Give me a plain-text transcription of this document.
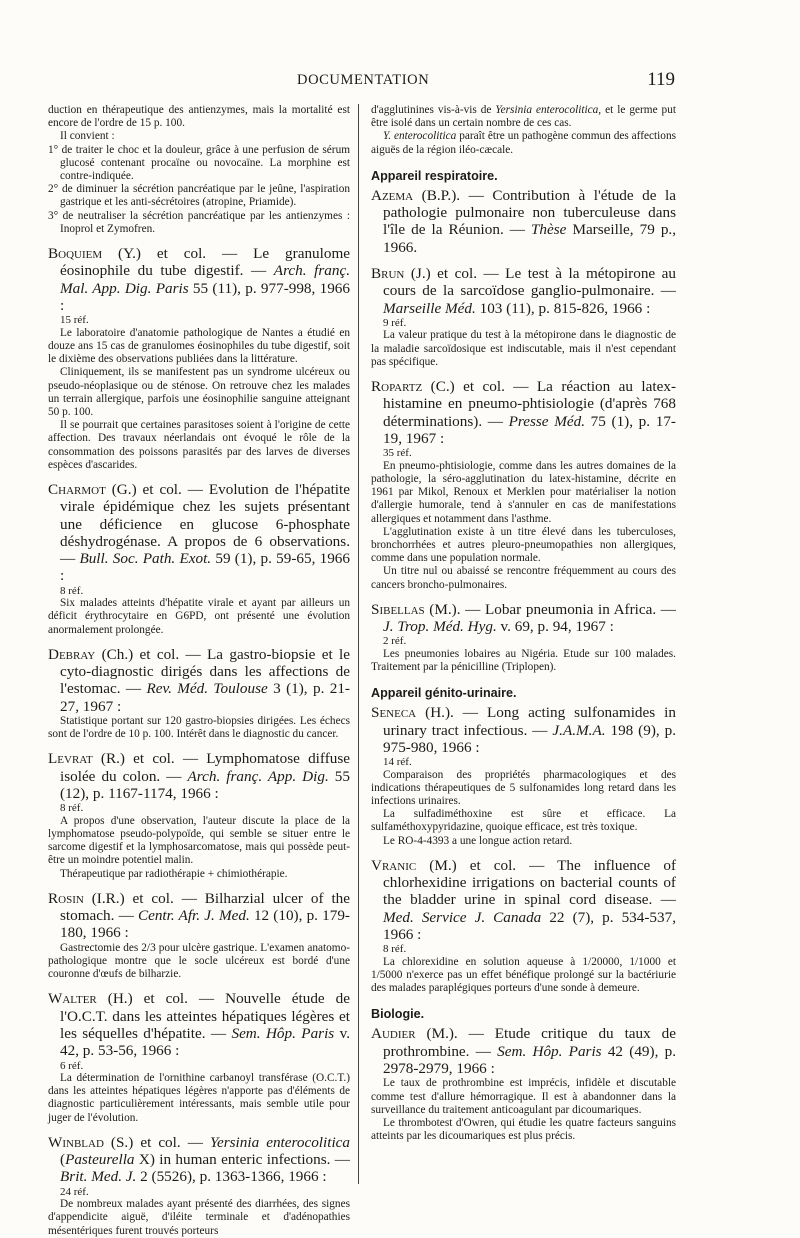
DOCUMENTATION	119

duction en thérapeutique des antienzymes, mais la mortalité est encore de l'ordre de 15 p. 100.

Il convient :

1° de traiter le choc et la douleur, grâce à une perfusion de sérum glucosé contenant procaïne ou novocaïne. La morphine est contre-indiquée.

2° de diminuer la sécrétion pancréatique par le jeûne, l'aspiration gastrique et les anti-sécrétoires (atropine, Priamide).

3° de neutraliser la sécrétion pancréatique par les antienzymes : Inoprol et Zymofren.

Boquiem (Y.) et col. — Le granulome éosinophile du tube digestif. — Arch. franç. Mal. App. Dig. Paris 55 (11), p. 977-998, 1966 :

15 réf.

Le laboratoire d'anatomie pathologique de Nantes a étudié en douze ans 15 cas de granulomes éosinophiles du tube digestif, soit le dixième des observations publiées dans la littérature.

Cliniquement, ils se manifestent pas un syndrome ulcéreux ou pseudo-néoplasique ou de sténose. On retrouve chez les malades un terrain allergique, parfois une éosinophilie sanguine atteignant 50 p. 100.

Il se pourrait que certaines parasitoses soient à l'origine de cette affection. Des travaux néerlandais ont évoqué le rôle de la consommation des poissons parasités par des larves de diverses espèces d'ascarides.

Charmot (G.) et col. — Evolution de l'hépatite virale épidémique chez les sujets présentant une déficience en glucose 6-phosphate déshydrogénase. A propos de 6 observations. — Bull. Soc. Path. Exot. 59 (1), p. 59-65, 1966 :

8 réf.

Six malades atteints d'hépatite virale et ayant par ailleurs un déficit érythrocytaire en G6PD, ont présenté une évolution anormalement prolongée.

Debray (Ch.) et col. — La gastro-biopsie et le cyto-diagnostic dirigés dans les affections de l'estomac. — Rev. Méd. Toulouse 3 (1), p. 21-27, 1967 :

Statistique portant sur 120 gastro-biopsies dirigées. Les échecs sont de l'ordre de 10 p. 100. Intérêt dans le diagnostic du cancer.

Levrat (R.) et col. — Lymphomatose diffuse isolée du colon. — Arch. franç. App. Dig. 55 (12), p. 1167-1174, 1966 :

8 réf.

A propos d'une observation, l'auteur discute la place de la lymphomatose pseudo-polypoïde, qui semble se situer entre le sarcome digestif et la lymphosarcomatose, mais qui possède peut-être un moindre potentiel malin.

Thérapeutique par radiothérapie + chimiothérapie.

Rosin (I.R.) et col. — Bilharzial ulcer of the stomach. — Centr. Afr. J. Med. 12 (10), p. 179-180, 1966 :

Gastrectomie des 2/3 pour ulcère gastrique. L'examen anatomo-pathologique montre que le socle ulcéreux est bordé d'une couronne d'œufs de bilharzie.

Walter (H.) et col. — Nouvelle étude de l'O.C.T. dans les atteintes hépatiques légères et les séquelles d'hépatite. — Sem. Hôp. Paris v. 42, p. 53-56, 1966 :

6 réf.

La détermination de l'ornithine carbanoyl transférase (O.C.T.) dans les atteintes hépatiques légères n'apporte pas d'éléments de diagnostic particulièrement intéressants, mais semble utile pour juger de l'évolution.

Winblad (S.) et col. — Yersinia enterocolitica (Pasteurella X) in human enteric infections. — Brit. Med. J. 2 (5526), p. 1363-1366, 1966 :

24 réf.

De nombreux malades ayant présenté des diarrhées, des signes d'appendicite aiguë, d'iléite terminale et d'adénopathies mésentériques furent trouvés porteurs

d'agglutinines vis-à-vis de Yersinia enterocolitica, et le germe put être isolé dans un certain nombre de ces cas.

Y. enterocolitica paraît être un pathogène commun des affections aiguës de la région iléo-cæcale.

Appareil respiratoire.

Azema (B.P.). — Contribution à l'étude de la pathologie pulmonaire non tuberculeuse dans l'île de la Réunion. — Thèse Marseille, 79 p., 1966.

Brun (J.) et col. — Le test à la métopirone au cours de la sarcoïdose ganglio-pulmonaire. — Marseille Méd. 103 (11), p. 815-826, 1966 :

9 réf.

La valeur pratique du test à la métopirone dans le diagnostic de la maladie sarcoïdosique est indiscutable, mais il n'est cependant pas spécifique.

Ropartz (C.) et col. — La réaction au latex-histamine en pneumo-phtisiologie (d'après 768 déterminations). — Presse Méd. 75 (1), p. 17-19, 1967 :

35 réf.

En pneumo-phtisiologie, comme dans les autres domaines de la pathologie, la séro-agglutination du latex-histamine, décrite en 1961 par Mikol, Renoux et Merklen pour matérialiser la notion d'allergie humorale, tend à s'annuler en cas de manifestations allergiques et notamment dans l'asthme.

L'agglutination existe à un titre élevé dans les tuberculoses, bronchorrhées et autres pleuro-pneumopathies non allergiques, comme dans une population normale.

Un titre nul ou abaissé se rencontre fréquemment au cours des cancers broncho-pulmonaires.

Sibellas (M.). — Lobar pneumonia in Africa. — J. Trop. Méd. Hyg. v. 69, p. 94, 1967 :

2 réf.

Les pneumonies lobaires au Nigéria. Etude sur 100 malades. Traitement par la pénicilline (Triplopen).

Appareil génito-urinaire.

Seneca (H.). — Long acting sulfonamides in urinary tract infectious. — J.A.M.A. 198 (9), p. 975-980, 1966 :

14 réf.

Comparaison des propriétés pharmacologiques et des indications thérapeutiques de 5 sulfonamides long retard dans les infections urinaires.

La sulfadiméthoxine est sûre et efficace. La sulfaméthoxypyridazine, quoique efficace, est très toxique.

Le RO-4-4393 a une longue action retard.

Vranic (M.) et col. — The influence of chlorhexidine irrigations on bacterial counts of the bladder urine in spinal cord disease. — Med. Service J. Canada 22 (7), p. 534-537, 1966 :

8 réf.

La chlorexidine en solution aqueuse à 1/20000, 1/1000 et 1/5000 n'exerce pas un effet bénéfique prolongé sur la bactériurie des malades paraplégiques porteurs d'une sonde à demeure.

Biologie.

Audier (M.). — Etude critique du taux de prothrombine. — Sem. Hôp. Paris 42 (49), p. 2978-2979, 1966 :

Le taux de prothrombine est imprécis, infidèle et discutable comme test d'allure hémorragique. Il est à abandonner dans la surveillance du traitement anticoagulant par dicoumariques.

Le thrombotest d'Owren, qui étudie les quatre facteurs sanguins atteints par les dicoumariques est plus précis.
